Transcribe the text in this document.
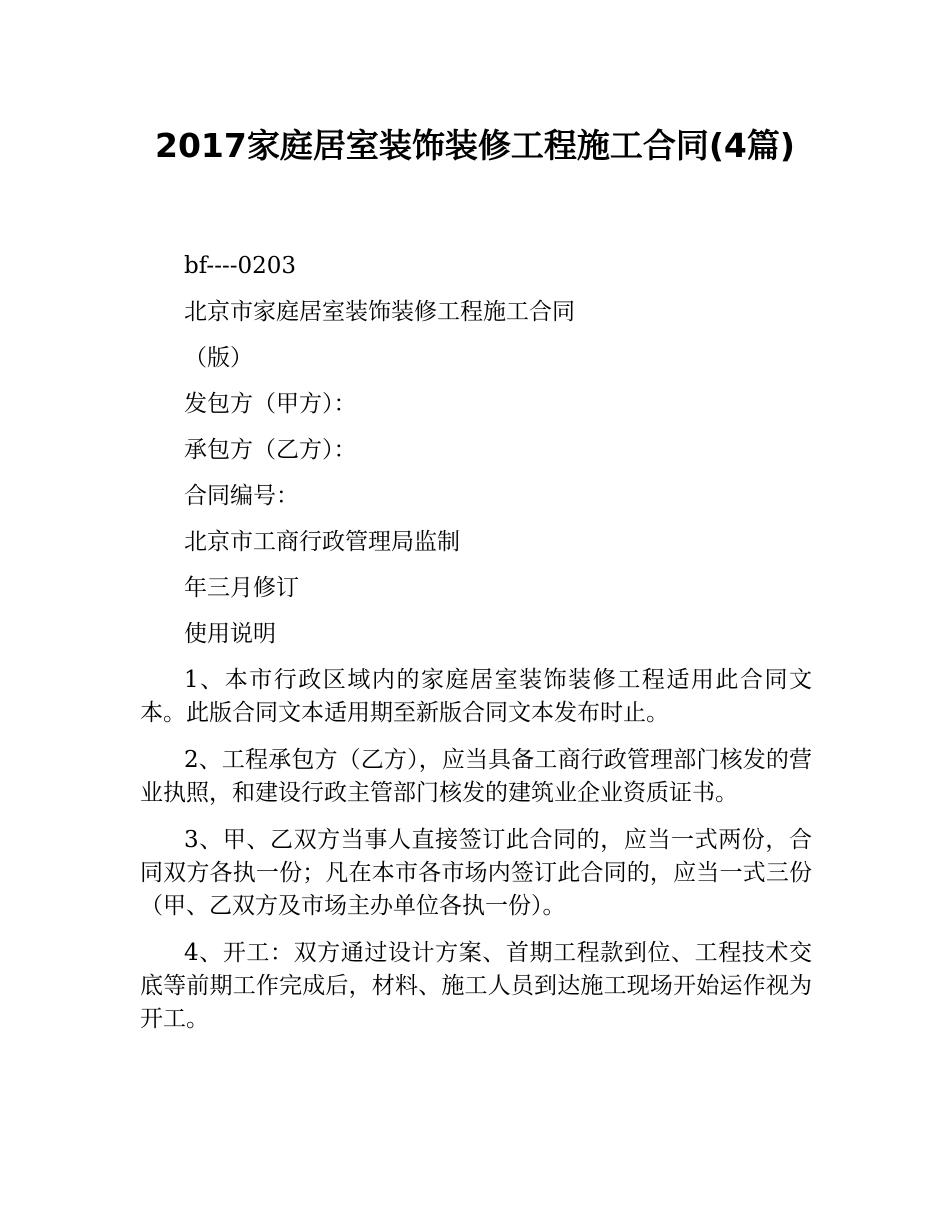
2017家庭居室装饰装修工程施工合同(4篇)

bf----0203

北京市家庭居室装饰装修工程施工合同

（版）

发包方（甲方）：

承包方（乙方）：

合同编号：

北京市工商行政管理局监制

年三月修订

使用说明

1、本市行政区域内的家庭居室装饰装修工程适用此合同文本。此版合同文本适用期至新版合同文本发布时止。

2、工程承包方（乙方），应当具备工商行政管理部门核发的营业执照，和建设行政主管部门核发的建筑业企业资质证书。

3、甲、乙双方当事人直接签订此合同的，应当一式两份，合同双方各执一份；凡在本市各市场内签订此合同的，应当一式三份（甲、乙双方及市场主办单位各执一份）。

4、开工：双方通过设计方案、首期工程款到位、工程技术交底等前期工作完成后，材料、施工人员到达施工现场开始运作视为开工。
